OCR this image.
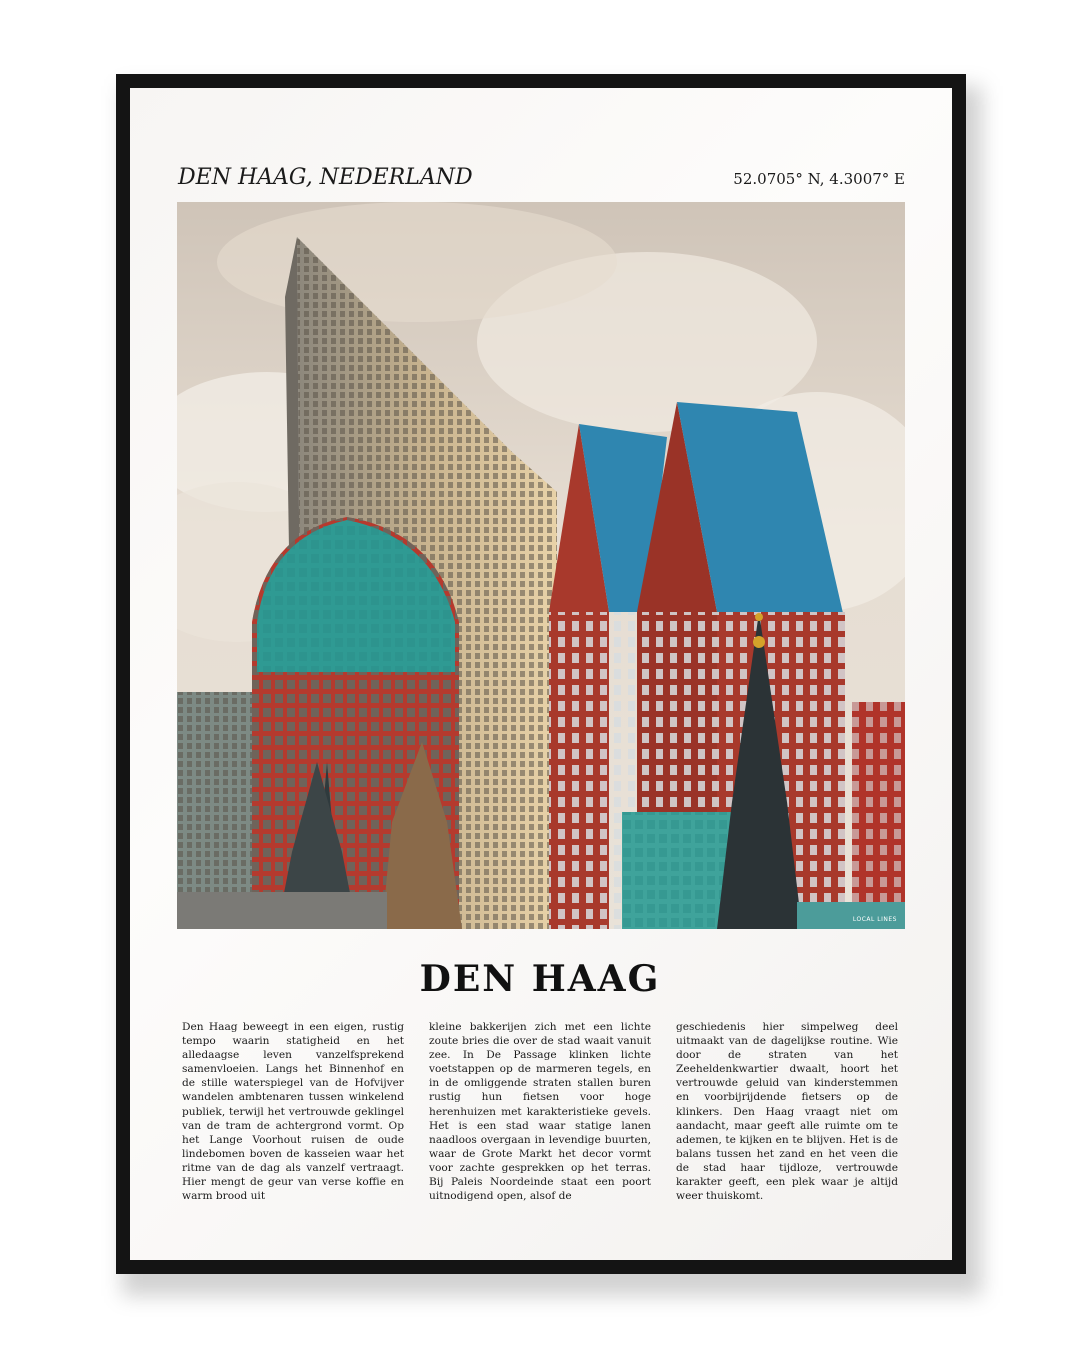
DEN HAAG, NEDERLAND	52.0705° N, 4.3007° E
LOCAL LINES
DEN HAAG
Den Haag beweegt in een eigen, rustig tempo waarin statigheid en het alledaagse leven vanzelfsprekend samenvloeien. Langs het Binnenhof en de stille waterspiegel van de Hofvijver wandelen ambtenaren tussen winkelend publiek, terwijl het vertrouwde geklingel van de tram de achtergrond vormt. Op het Lange Voorhout ruisen de oude lindebomen boven de kasseien waar het ritme van de dag als vanzelf vertraagt. Hier mengt de geur van verse koffie en warm brood uit
kleine bakkerijen zich met een lichte zoute bries die over de stad waait vanuit zee. In De Passage klinken lichte voetstappen op de marmeren tegels, en in de omliggende straten stallen buren rustig hun fietsen voor hoge herenhuizen met karakteristieke gevels. Het is een stad waar statige lanen naadloos overgaan in levendige buurten, waar de Grote Markt het decor vormt voor zachte gesprekken op het terras. Bij Paleis Noordeinde staat een poort uitnodigend open, alsof de
geschiedenis hier simpelweg deel uitmaakt van de dagelijkse routine. Wie door de straten van het Zeeheldenkwartier dwaalt, hoort het vertrouwde geluid van kinderstemmen en voorbijrijdende fietsers op de klinkers. Den Haag vraagt niet om aandacht, maar geeft alle ruimte om te ademen, te kijken en te blijven. Het is de balans tussen het zand en het veen die de stad haar tijdloze, vertrouwde karakter geeft, een plek waar je altijd weer thuiskomt.
